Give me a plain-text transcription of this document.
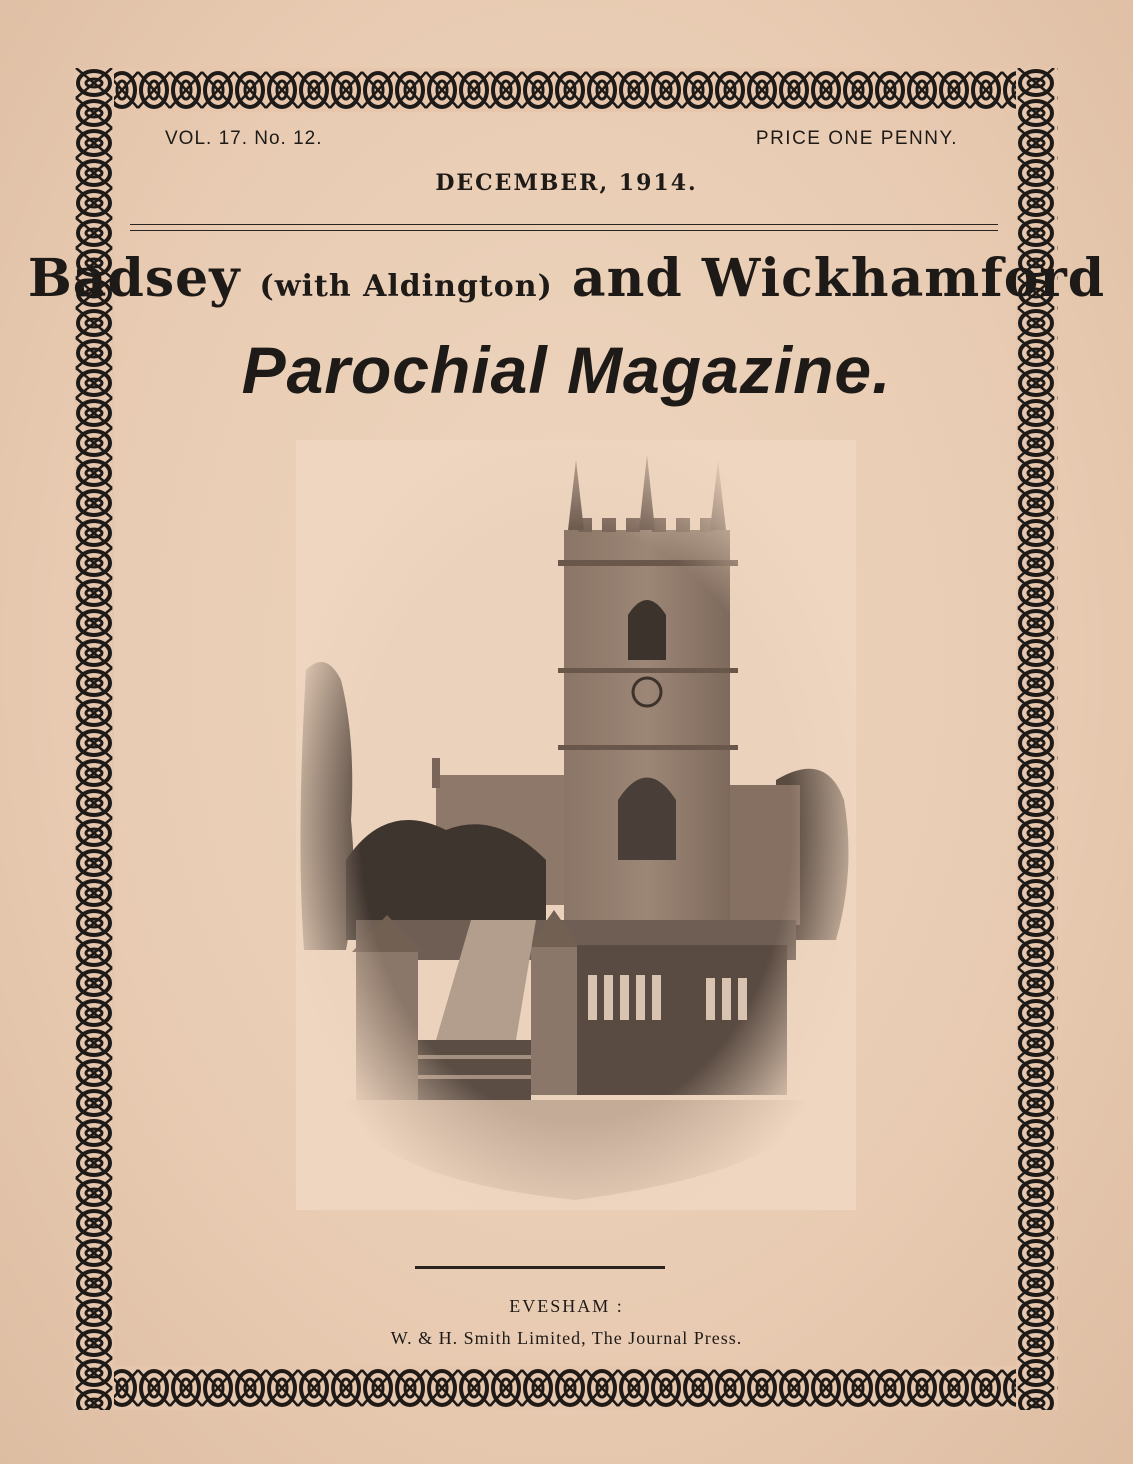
VOL. 17. No. 12.	PRICE ONE PENNY.
DECEMBER, 1914.
Badsey (with Aldington) and Wickhamford
Parochial Magazine.
EVESHAM :
W. & H. Smith Limited, The Journal Press.
